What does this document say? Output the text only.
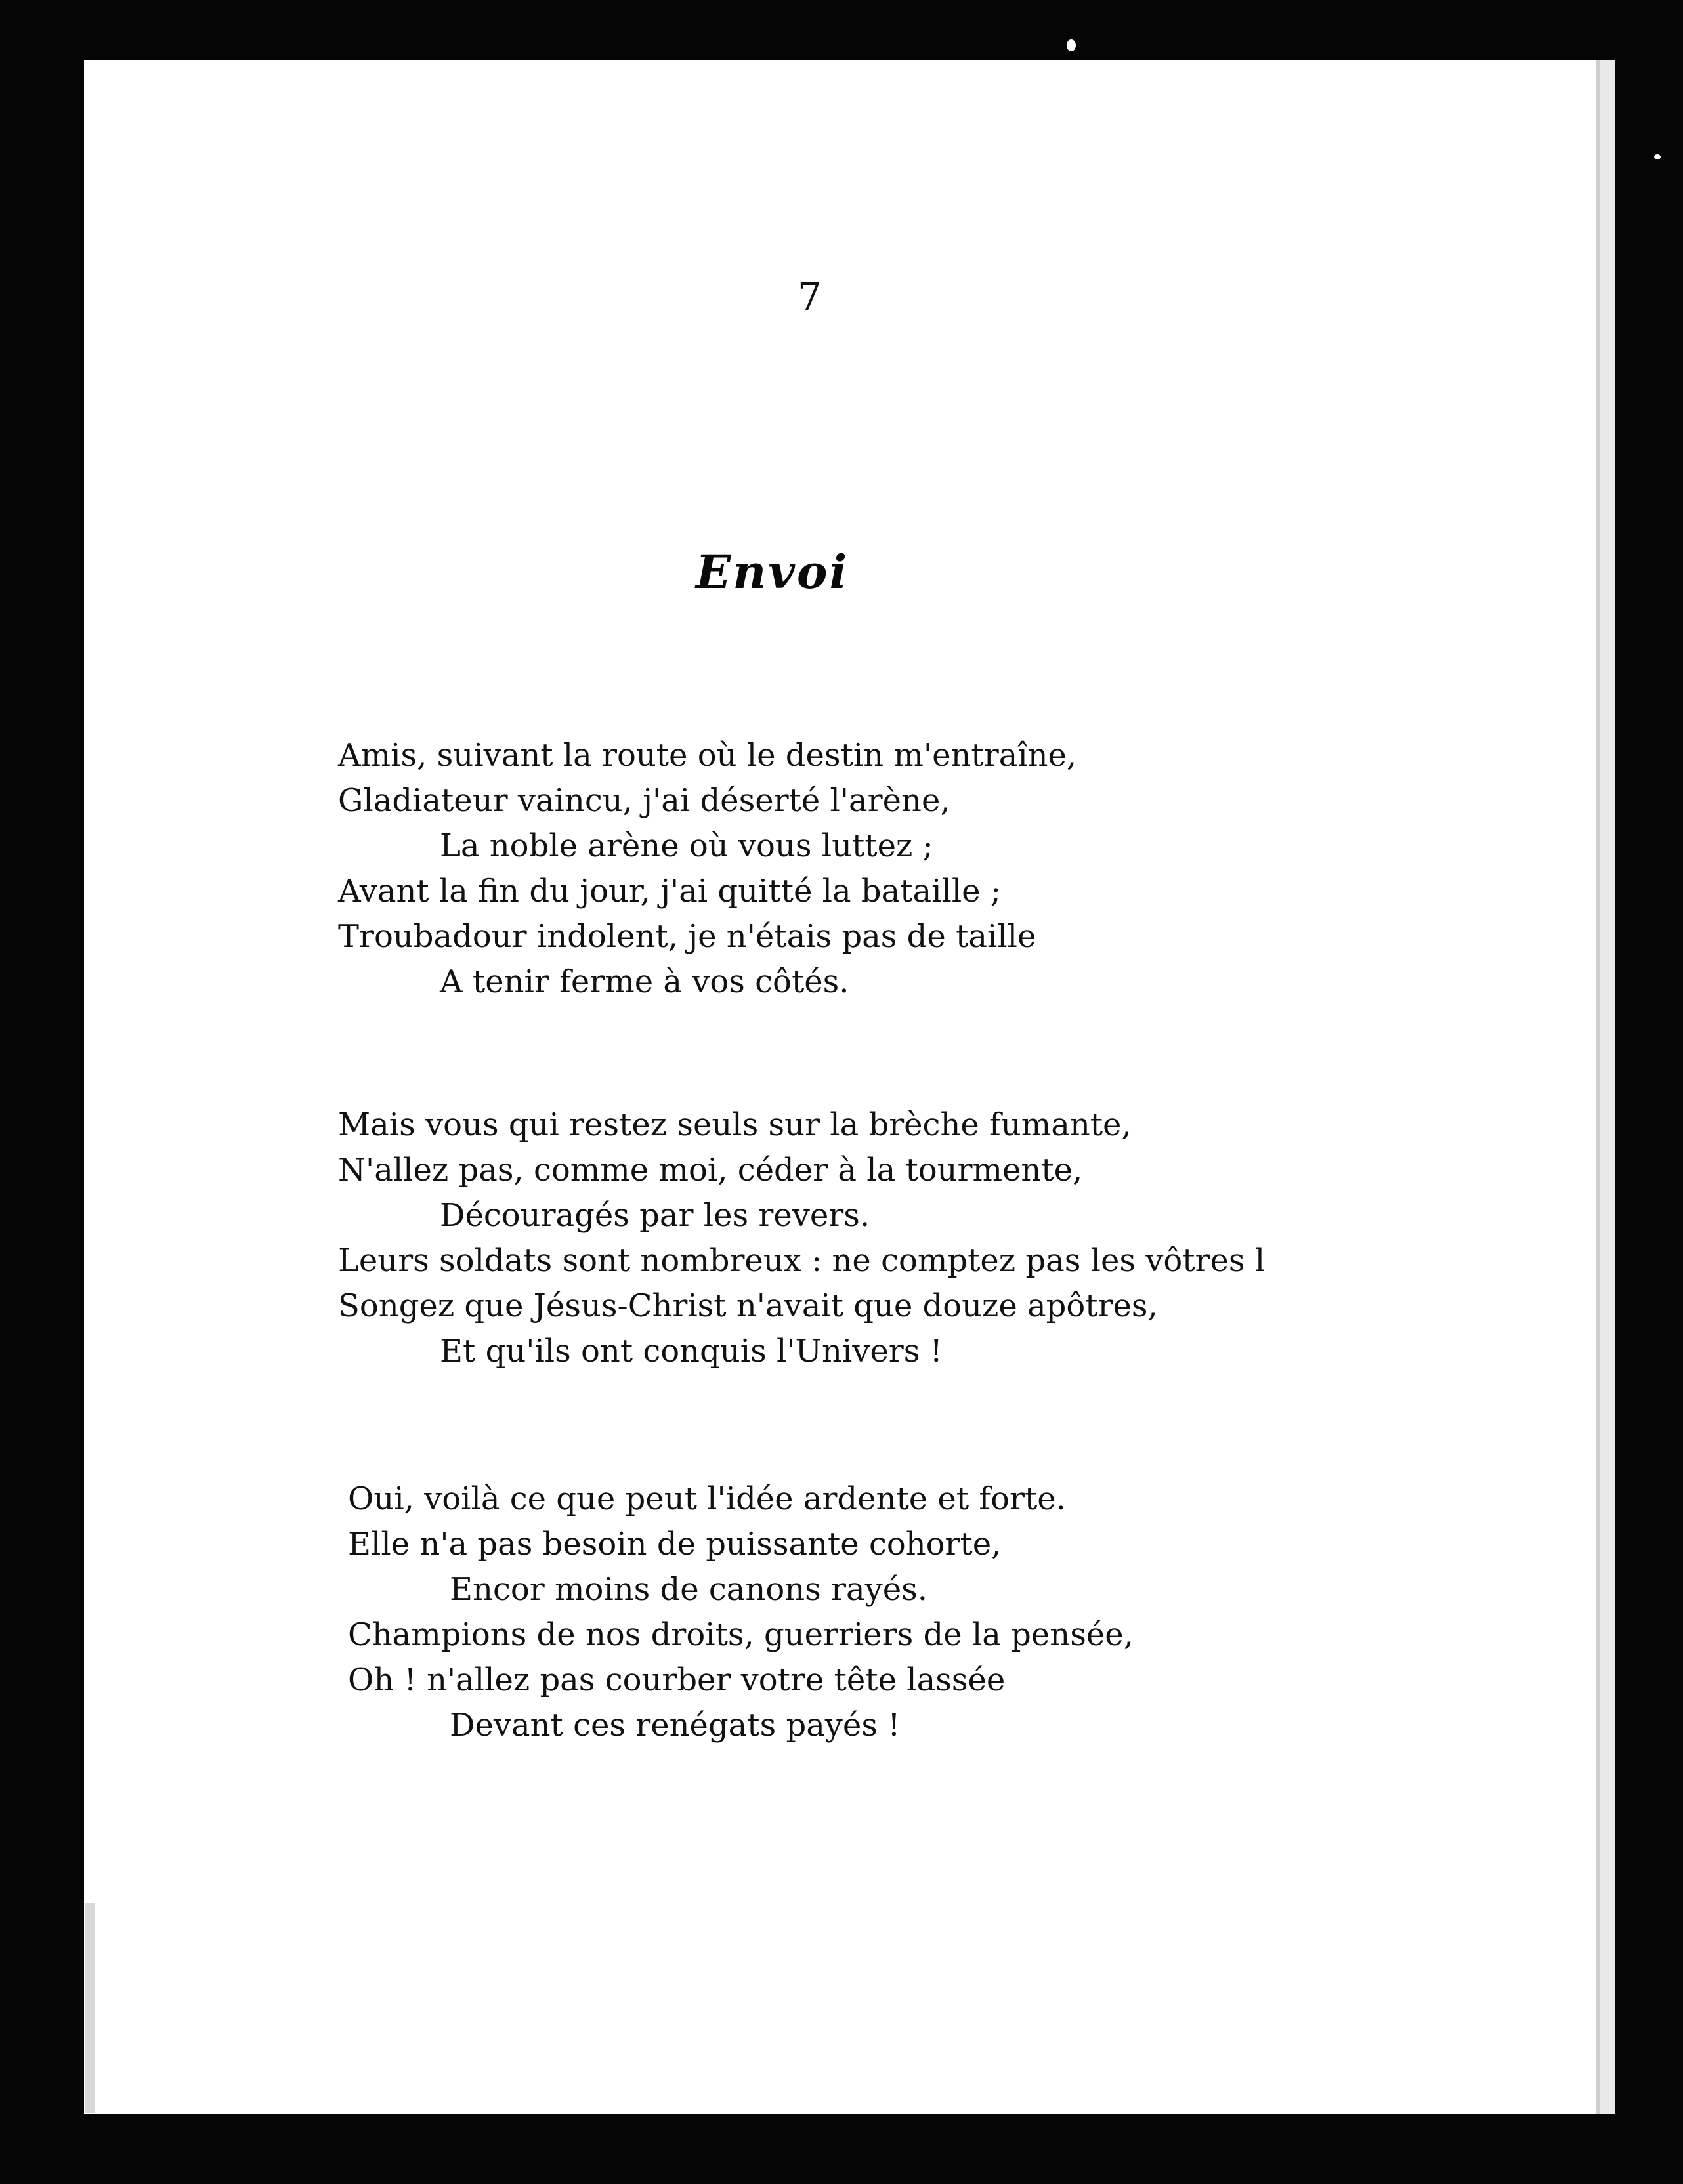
7
Envoi
Amis, suivant la route où le destin m'entraîne,
Gladiateur vaincu, j'ai déserté l'arène,
La noble arène où vous luttez ;
Avant la fin du jour, j'ai quitté la bataille ;
Troubadour indolent, je n'étais pas de taille
A tenir ferme à vos côtés.
Mais vous qui restez seuls sur la brèche fumante,
N'allez pas, comme moi, céder à la tourmente,
Découragés par les revers.
Leurs soldats sont nombreux : ne comptez pas les vôtres l
Songez que Jésus-Christ n'avait que douze apôtres,
Et qu'ils ont conquis l'Univers !
Oui, voilà ce que peut l'idée ardente et forte.
Elle n'a pas besoin de puissante cohorte,
Encor moins de canons rayés.
Champions de nos droits, guerriers de la pensée,
Oh ! n'allez pas courber votre tête lassée
Devant ces renégats payés !
